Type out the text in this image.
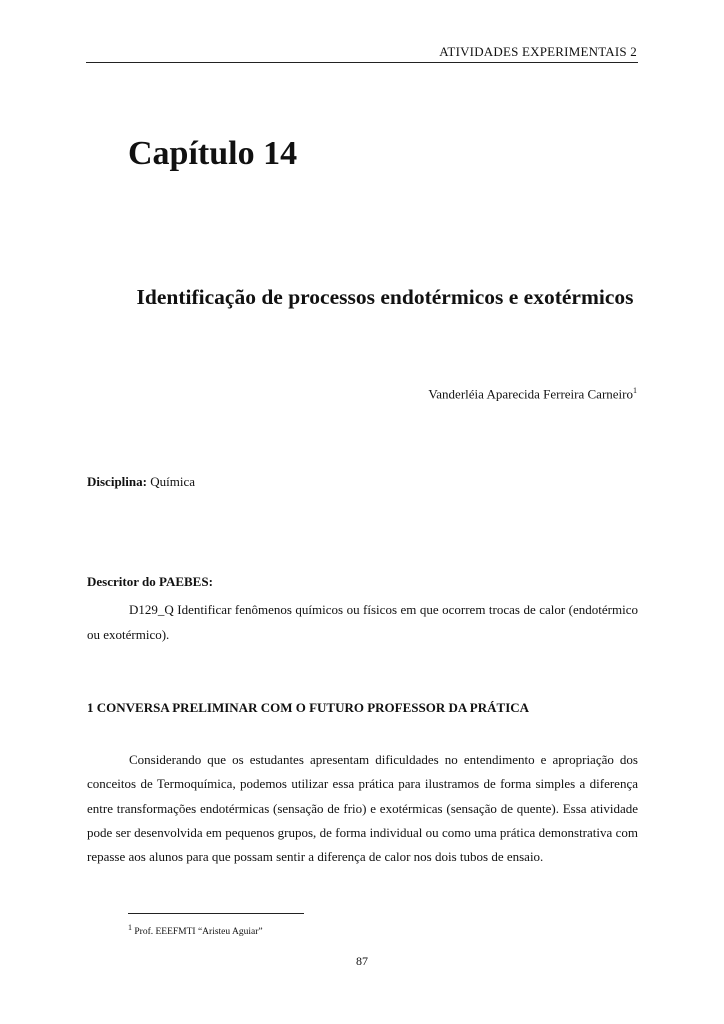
ATIVIDADES EXPERIMENTAIS 2
Capítulo 14
Identificação de processos endotérmicos e exotérmicos
Vanderléia Aparecida Ferreira Carneiro$^1$
Disciplina: Química
Descritor do PAEBES:

D129_Q Identificar fenômenos químicos ou físicos em que ocorrem trocas de calor (endotérmico ou exotérmico).

1 CONVERSA PRELIMINAR COM O FUTURO PROFESSOR DA PRÁTICA

Considerando que os estudantes apresentam dificuldades no entendimento e apropriação dos conceitos de Termoquímica, podemos utilizar essa prática para ilustramos de forma simples a diferença entre transformações endotérmicas (sensação de frio) e exotérmicas (sensação de quente). Essa atividade pode ser desenvolvida em pequenos grupos, de forma individual ou como uma prática demonstrativa com repasse aos alunos para que possam sentir a diferença de calor nos dois tubos de ensaio.

$^1$ Prof. EEEFMTI “Aristeu Aguiar”
87
